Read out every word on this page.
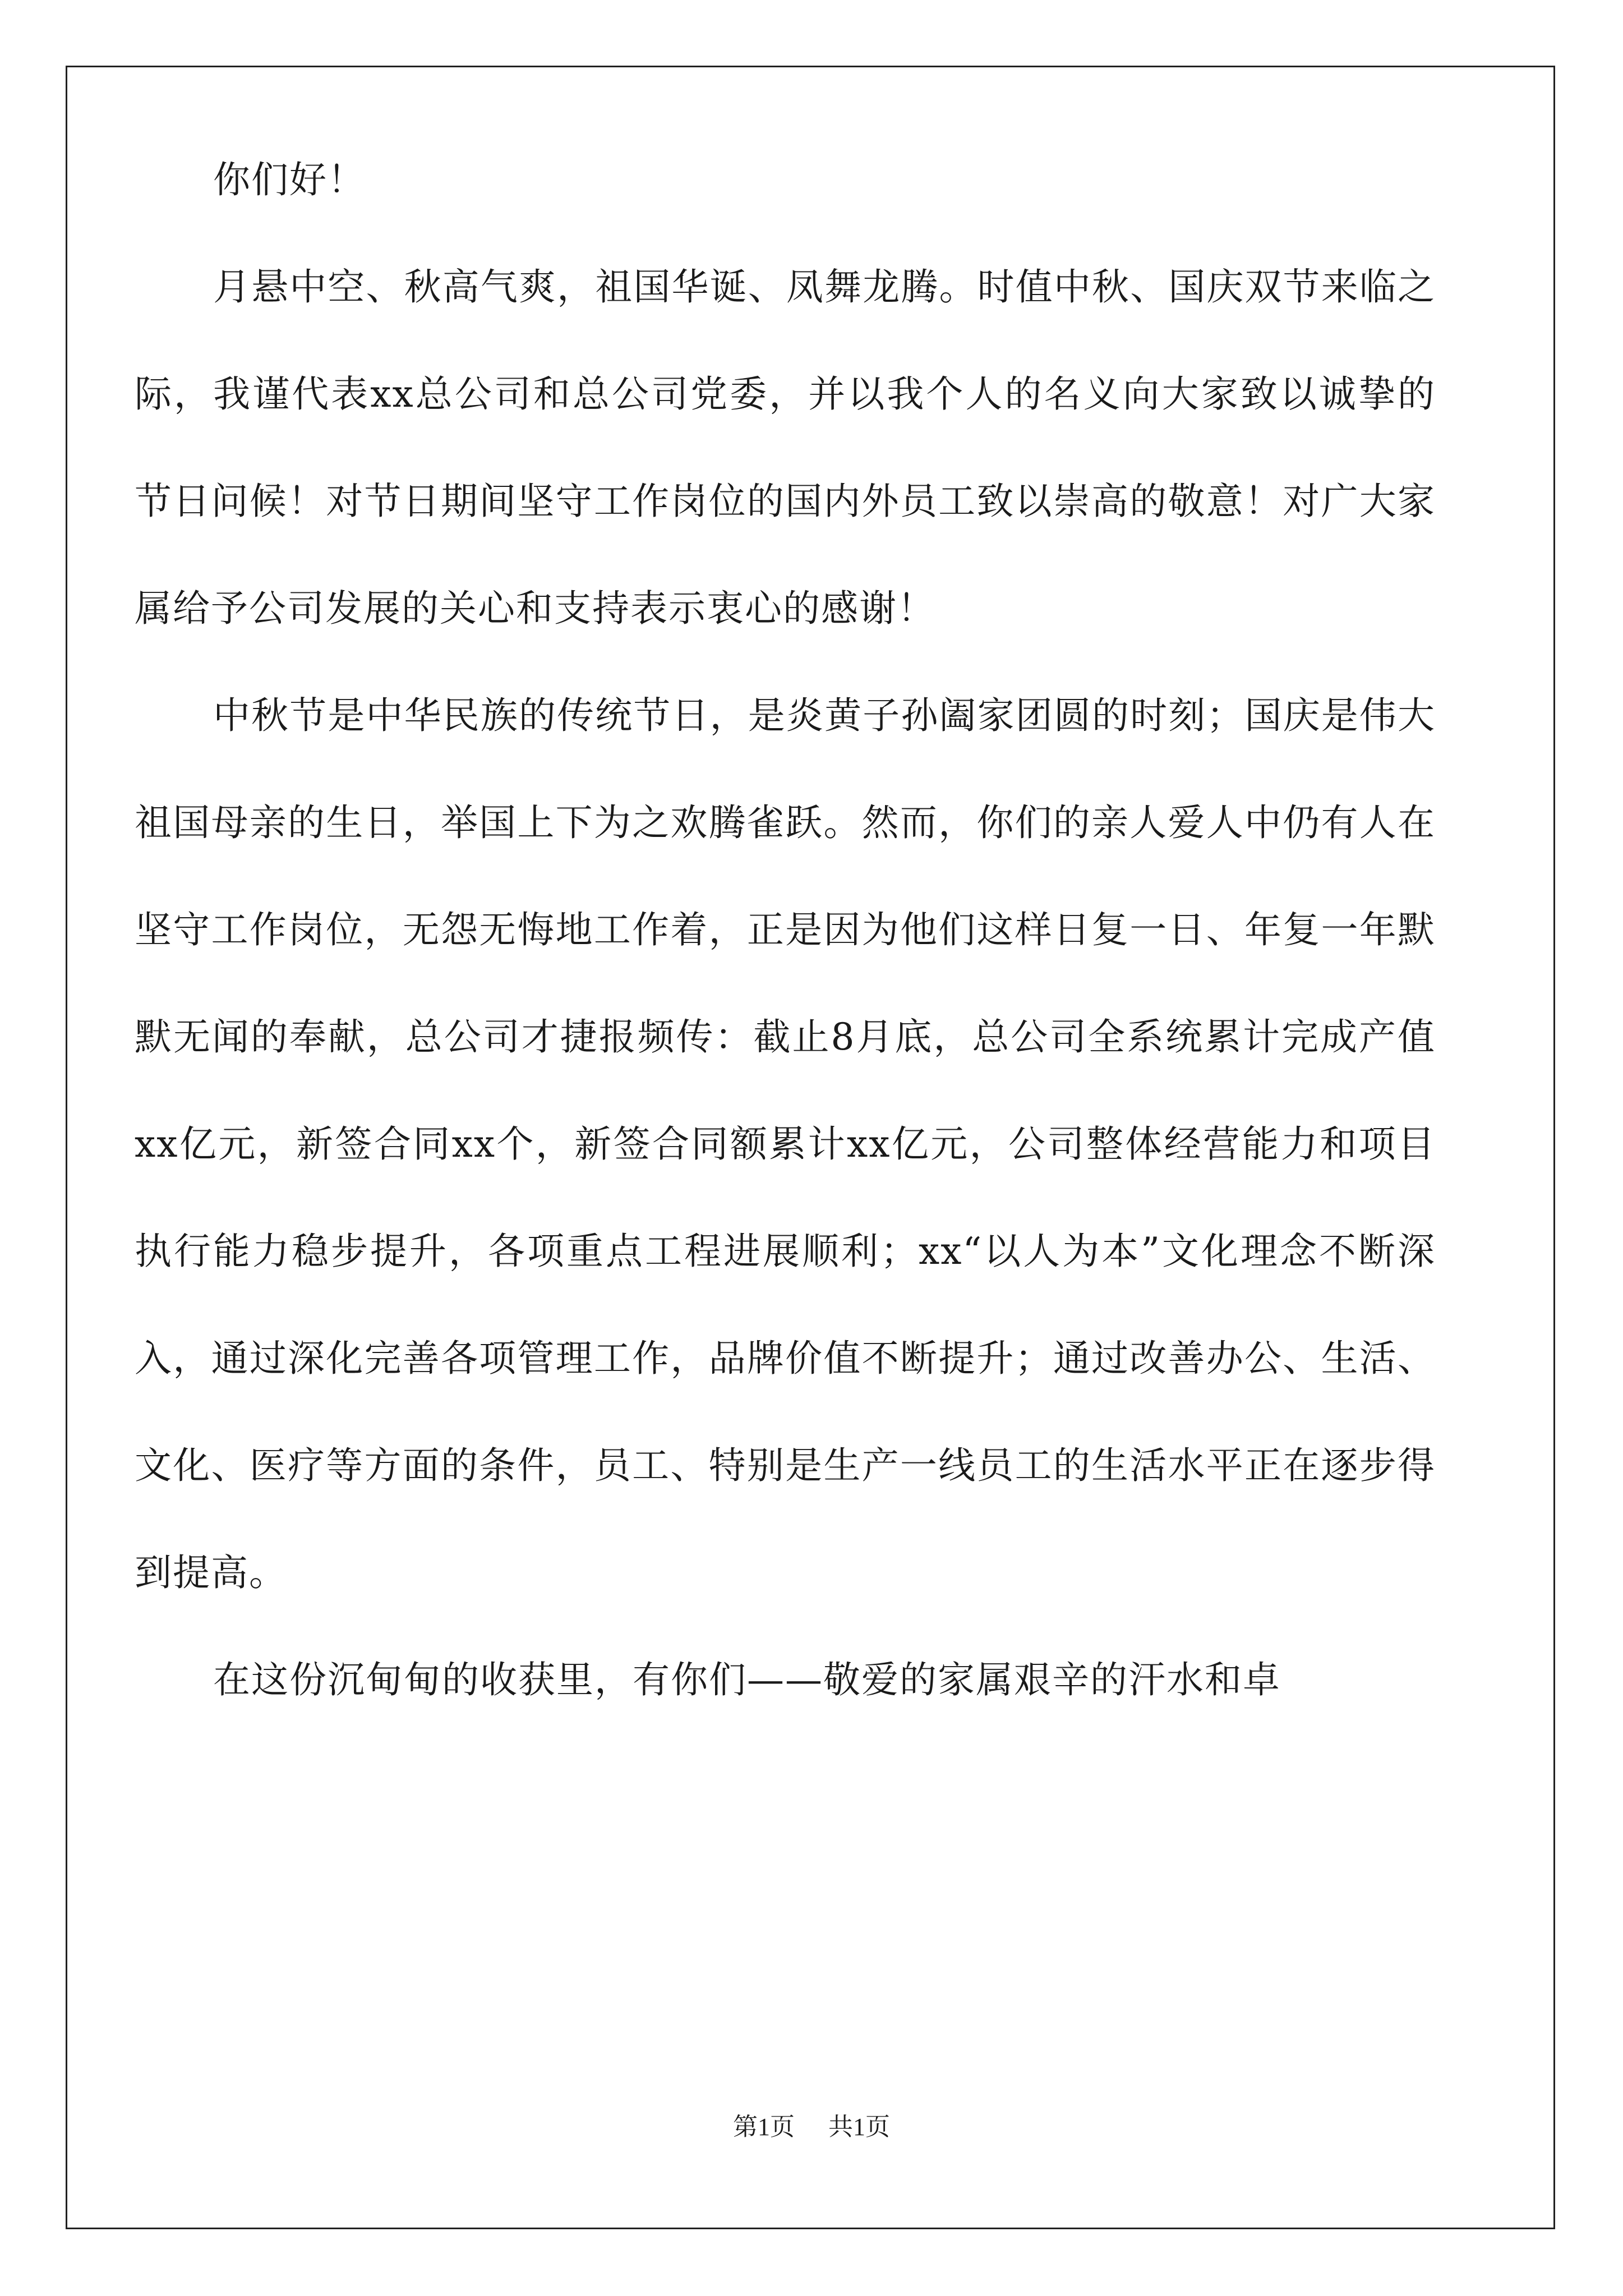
你们好！

月悬中空、秋高气爽，祖国华诞、凤舞龙腾。时值中秋、国庆双节来临之际，我谨代表xx总公司和总公司党委，并以我个人的名义向大家致以诚挚的节日问候！对节日期间坚守工作岗位的国内外员工致以崇高的敬意！对广大家属给予公司发展的关心和支持表示衷心的感谢！

中秋节是中华民族的传统节日，是炎黄子孙阖家团圆的时刻；国庆是伟大祖国母亲的生日，举国上下为之欢腾雀跃。然而，你们的亲人爱人中仍有人在坚守工作岗位，无怨无悔地工作着，正是因为他们这样日复一日、年复一年默默无闻的奉献，总公司才捷报频传：截止8月底，总公司全系统累计完成产值xx亿元，新签合同xx个，新签合同额累计xx亿元，公司整体经营能力和项目执行能力稳步提升，各项重点工程进展顺利；xx“以人为本”文化理念不断深入，通过深化完善各项管理工作，品牌价值不断提升；通过改善办公、生活、文化、医疗等方面的条件，员工、特别是生产一线员工的生活水平正在逐步得到提高。

在这份沉甸甸的收获里，有你们——敬爱的家属艰辛的汗水和卓

第1页 共1页
